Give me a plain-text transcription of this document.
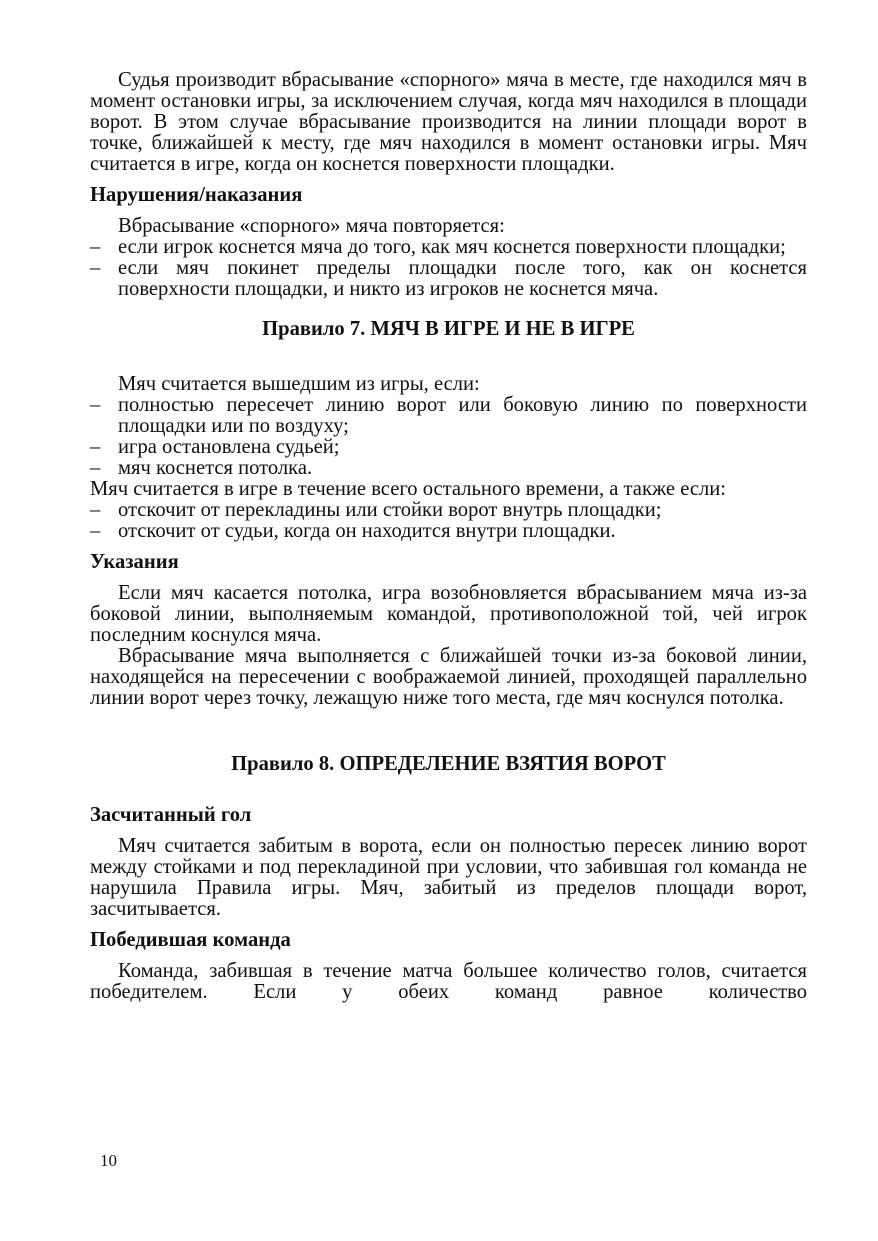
Судья производит вбрасывание «спорного» мяча в месте, где находился мяч в момент остановки игры, за исключением случая, когда мяч находился в площади ворот. В этом случае вбрасывание производится на линии площади ворот в точке, ближайшей к месту, где мяч находился в момент остановки игры. Мяч считается в игре, когда он коснется поверхности площадки.

Нарушения/наказания

Вбрасывание «спорного» мяча повторяется:

– если игрок коснется мяча до того, как мяч коснется поверхности площадки;
– если мяч покинет пределы площадки после того, как он коснется поверхности площадки, и никто из игроков не коснется мяча.
Правило 7. МЯЧ В ИГРЕ И НЕ В ИГРЕ

Мяч считается вышедшим из игры, если:

– полностью пересечет линию ворот или боковую линию по поверхности площадки или по воздуху;
– игра остановлена судьей;
– мяч коснется потолка.

Мяч считается в игре в течение всего остального времени, а также если:

– отскочит от перекладины или стойки ворот внутрь площадки;
– отскочит от судьи, когда он находится внутри площадки.
Указания

Если мяч касается потолка, игра возобновляется вбрасыванием мяча из-за боковой линии, выполняемым командой, противоположной той, чей игрок последним коснулся мяча.

Вбрасывание мяча выполняется с ближайшей точки из-за боковой линии, находящейся на пересечении с воображаемой линией, проходящей параллельно линии ворот через точку, лежащую ниже того места, где мяч коснулся потолка.

Правило 8. ОПРЕДЕЛЕНИЕ ВЗЯТИЯ ВОРОТ
Засчитанный гол

Мяч считается забитым в ворота, если он полностью пересек линию ворот между стойками и под перекладиной при условии, что забившая гол команда не нарушила Правила игры. Мяч, забитый из пределов площади ворот, засчитывается.

Победившая команда

Команда, забившая в течение матча большее количество голов, считается победителем. Если у обеих команд равное количество

10
